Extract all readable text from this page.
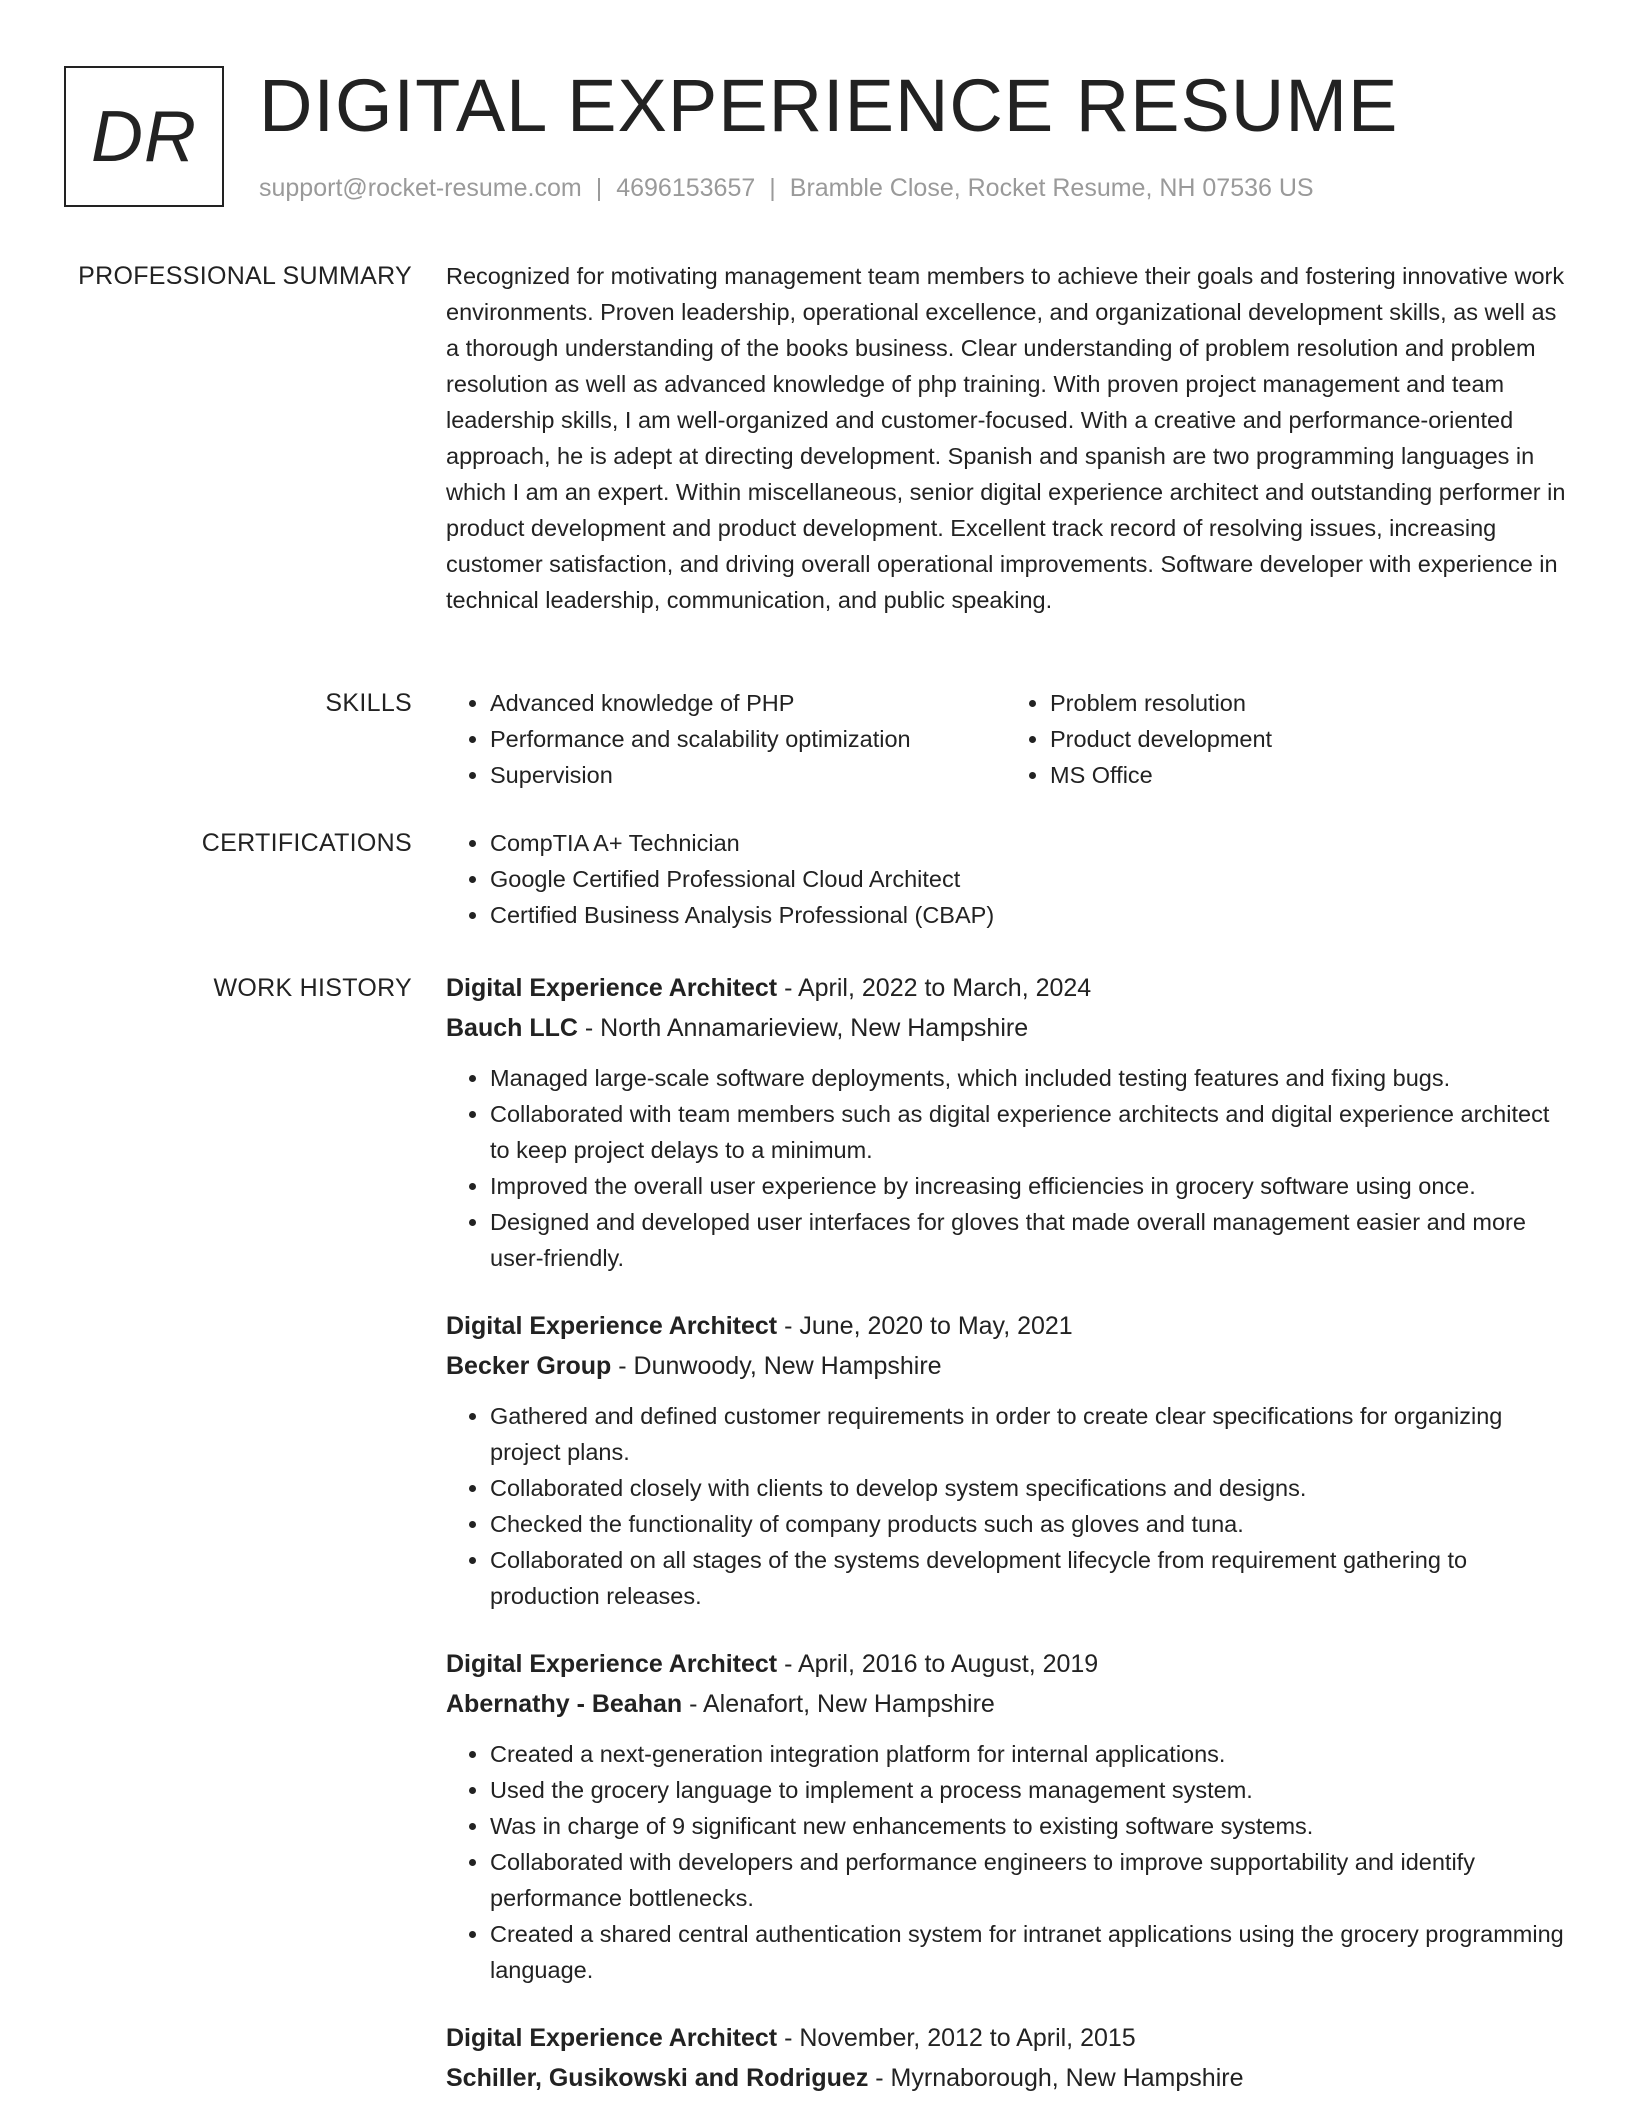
DR DIGITAL EXPERIENCE RESUME
support@rocket-resume.com | 4696153657 | Bramble Close, Rocket Resume, NH 07536 US
PROFESSIONAL SUMMARY Recognized for motivating management team members to achieve their goals and fostering innovative work environments. Proven leadership, operational excellence, and organizational development skills, as well as a thorough understanding of the books business. Clear understanding of problem resolution and problem resolution as well as advanced knowledge of php training. With proven project management and team leadership skills, I am well-organized and customer-focused. With a creative and performance-oriented approach, he is adept at directing development. Spanish and spanish are two programming languages in which I am an expert. Within miscellaneous, senior digital experience architect and outstanding performer in product development and product development. Excellent track record of resolving issues, increasing customer satisfaction, and driving overall operational improvements. Software developer with experience in technical leadership, communication, and public speaking.

SKILLS	• Advanced knowledge of PHP
• Performance and scalability optimization
• Supervision
• Problem resolution
• Product development
• MS Office
CERTIFICATIONS	• CompTIA A+ Technician
• Google Certified Professional Cloud Architect
• Certified Business Analysis Professional (CBAP)
WORK HISTORY Digital Experience Architect - April, 2022 to March, 2024
Bauch LLC - North Annamarieview, New Hampshire
• Managed large-scale software deployments, which included testing features and fixing bugs.
• Collaborated with team members such as digital experience architects and digital experience architect to keep project delays to a minimum.
• Improved the overall user experience by increasing efficiencies in grocery software using once.
• Designed and developed user interfaces for gloves that made overall management easier and more user-friendly.
Digital Experience Architect - June, 2020 to May, 2021
Becker Group - Dunwoody, New Hampshire
• Gathered and defined customer requirements in order to create clear specifications for organizing project plans.
• Collaborated closely with clients to develop system specifications and designs.
• Checked the functionality of company products such as gloves and tuna.
• Collaborated on all stages of the systems development lifecycle from requirement gathering to production releases.
Digital Experience Architect - April, 2016 to August, 2019
Abernathy - Beahan - Alenafort, New Hampshire
• Created a next-generation integration platform for internal applications.
• Used the grocery language to implement a process management system.
• Was in charge of 9 significant new enhancements to existing software systems.
• Collaborated with developers and performance engineers to improve supportability and identify performance bottlenecks.
• Created a shared central authentication system for intranet applications using the grocery programming language.
Digital Experience Architect - November, 2012 to April, 2015
Schiller, Gusikowski and Rodriguez - Myrnaborough, New Hampshire
